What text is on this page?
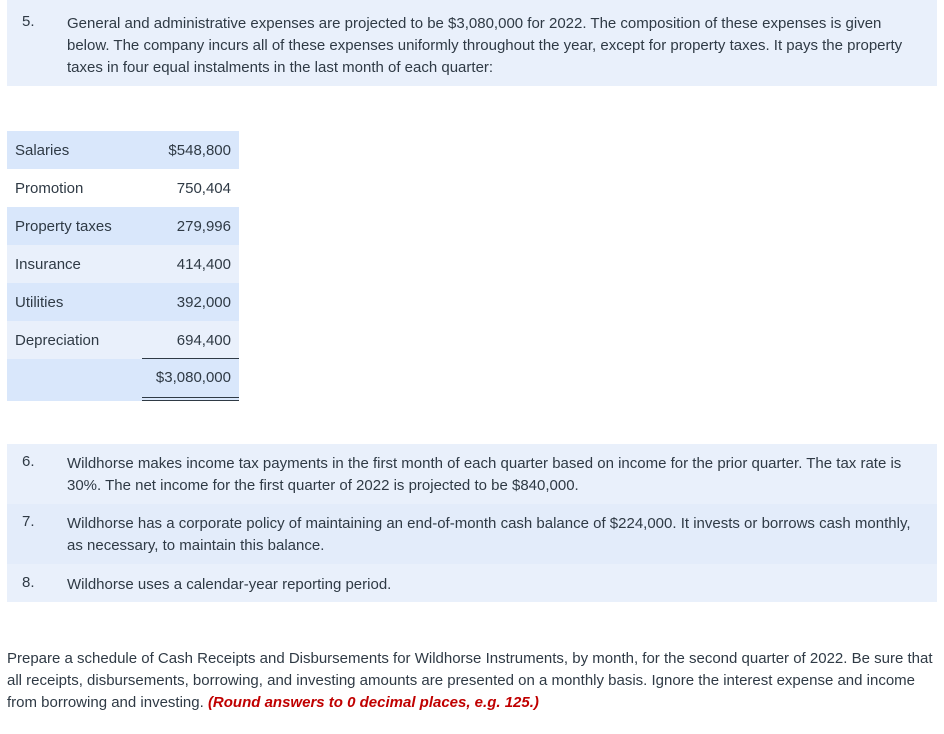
5. General and administrative expenses are projected to be $3,080,000 for 2022. The composition of these expenses is given below. The company incurs all of these expenses uniformly throughout the year, except for property taxes. It pays the property taxes in four equal instalments in the last month of each quarter:
Salaries	$548,800
Promotion	750,404
Property taxes	279,996
Insurance	414,400
Utilities	392,000
Depreciation	694,400
$3,080,000
6. Wildhorse makes income tax payments in the first month of each quarter based on income for the prior quarter. The tax rate is 30%. The net income for the first quarter of 2022 is projected to be $840,000.
7. Wildhorse has a corporate policy of maintaining an end-of-month cash balance of $224,000. It invests or borrows cash monthly, as necessary, to maintain this balance.
8. Wildhorse uses a calendar-year reporting period.
Prepare a schedule of Cash Receipts and Disbursements for Wildhorse Instruments, by month, for the second quarter of 2022. Be sure that all receipts, disbursements, borrowing, and investing amounts are presented on a monthly basis. Ignore the interest expense and income from borrowing and investing. (Round answers to 0 decimal places, e.g. 125.)
